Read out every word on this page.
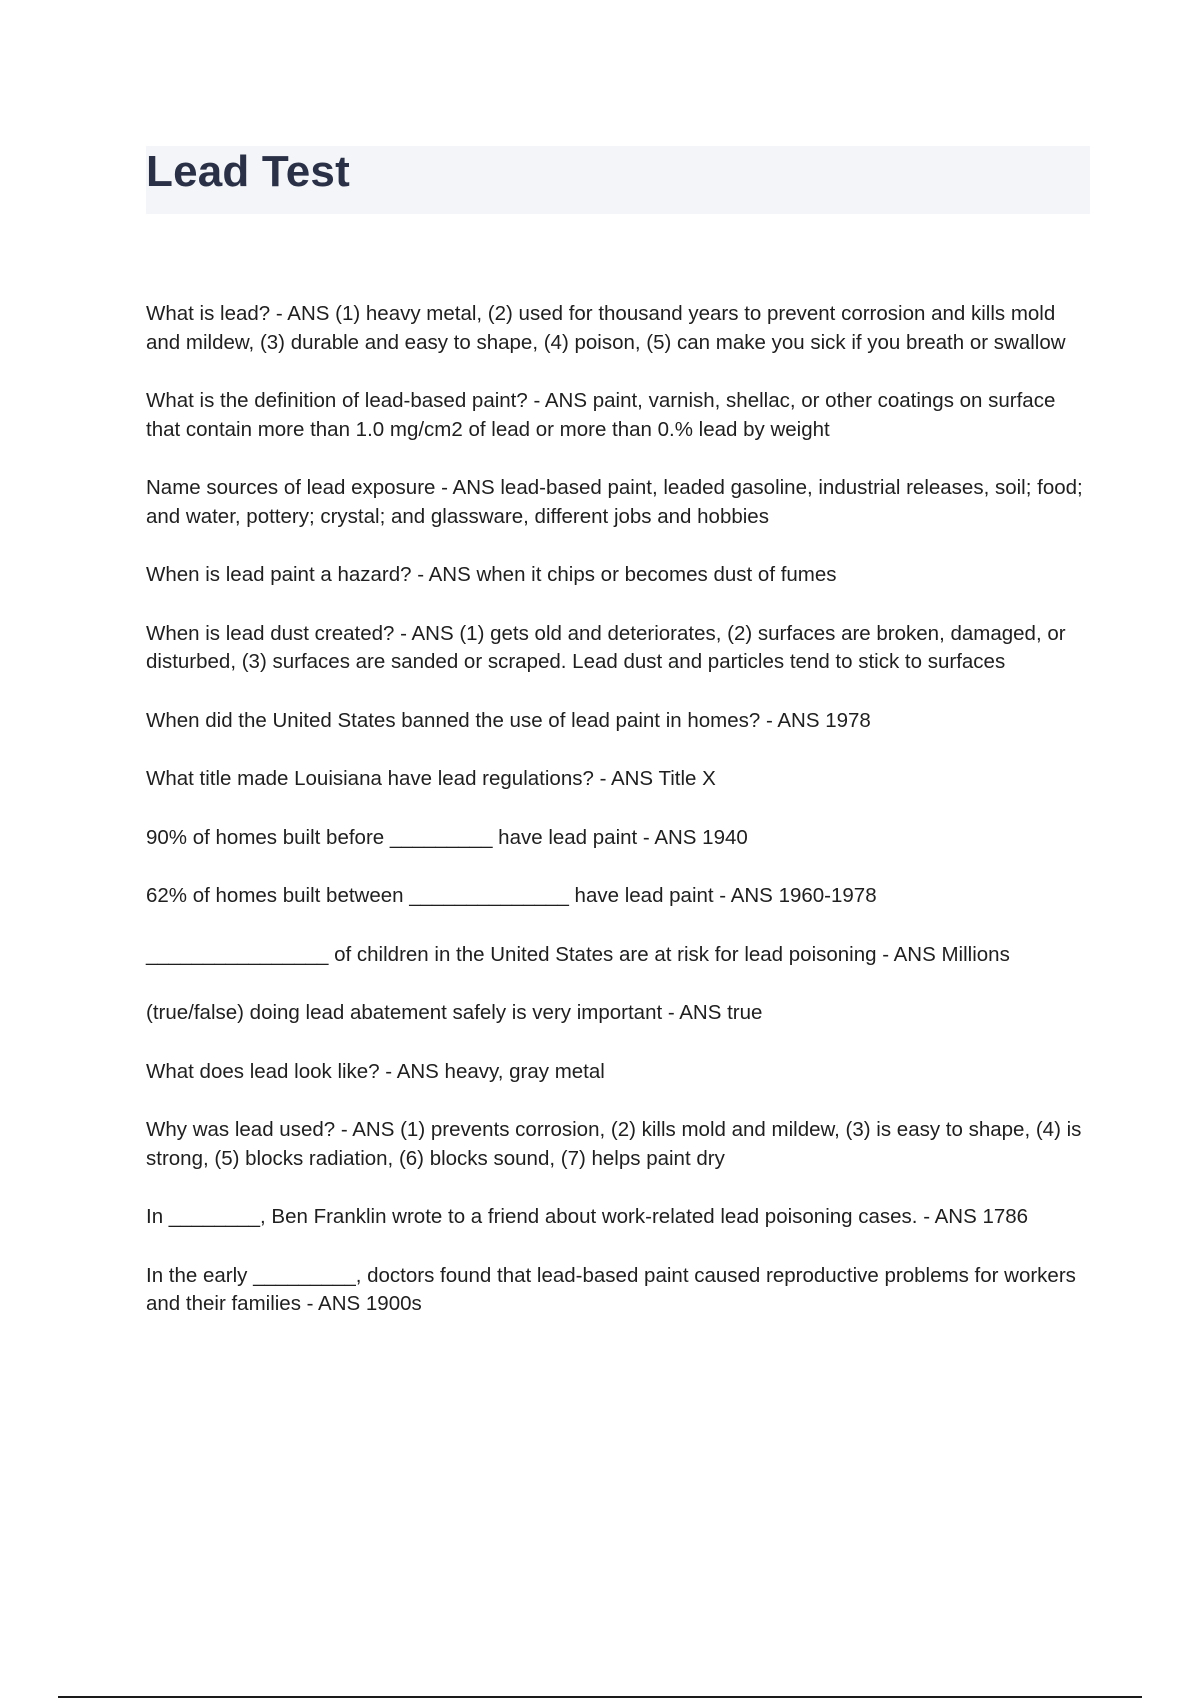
Lead Test
What is lead? - ANS (1) heavy metal, (2) used for thousand years to prevent corrosion and kills mold and mildew, (3) durable and easy to shape, (4) poison, (5) can make you sick if you breath or swallow
What is the definition of lead-based paint? - ANS paint, varnish, shellac, or other coatings on surface that contain more than 1.0 mg/cm2 of lead or more than 0.% lead by weight
Name sources of lead exposure - ANS lead-based paint, leaded gasoline, industrial releases, soil; food; and water, pottery; crystal; and glassware, different jobs and hobbies
When is lead paint a hazard? - ANS when it chips or becomes dust of fumes
When is lead dust created? - ANS (1) gets old and deteriorates, (2) surfaces are broken, damaged, or disturbed, (3) surfaces are sanded or scraped. Lead dust and particles tend to stick to surfaces
When did the United States banned the use of lead paint in homes? - ANS 1978
What title made Louisiana have lead regulations? - ANS Title X
90% of homes built before _________ have lead paint - ANS 1940
62% of homes built between ______________ have lead paint - ANS 1960-1978
________________ of children in the United States are at risk for lead poisoning - ANS Millions
(true/false) doing lead abatement safely is very important - ANS true
What does lead look like? - ANS heavy, gray metal
Why was lead used? - ANS (1) prevents corrosion, (2) kills mold and mildew, (3) is easy to shape, (4) is strong, (5) blocks radiation, (6) blocks sound, (7) helps paint dry
In ________, Ben Franklin wrote to a friend about work-related lead poisoning cases. - ANS 1786
In the early _________, doctors found that lead-based paint caused reproductive problems for workers and their families - ANS 1900s
